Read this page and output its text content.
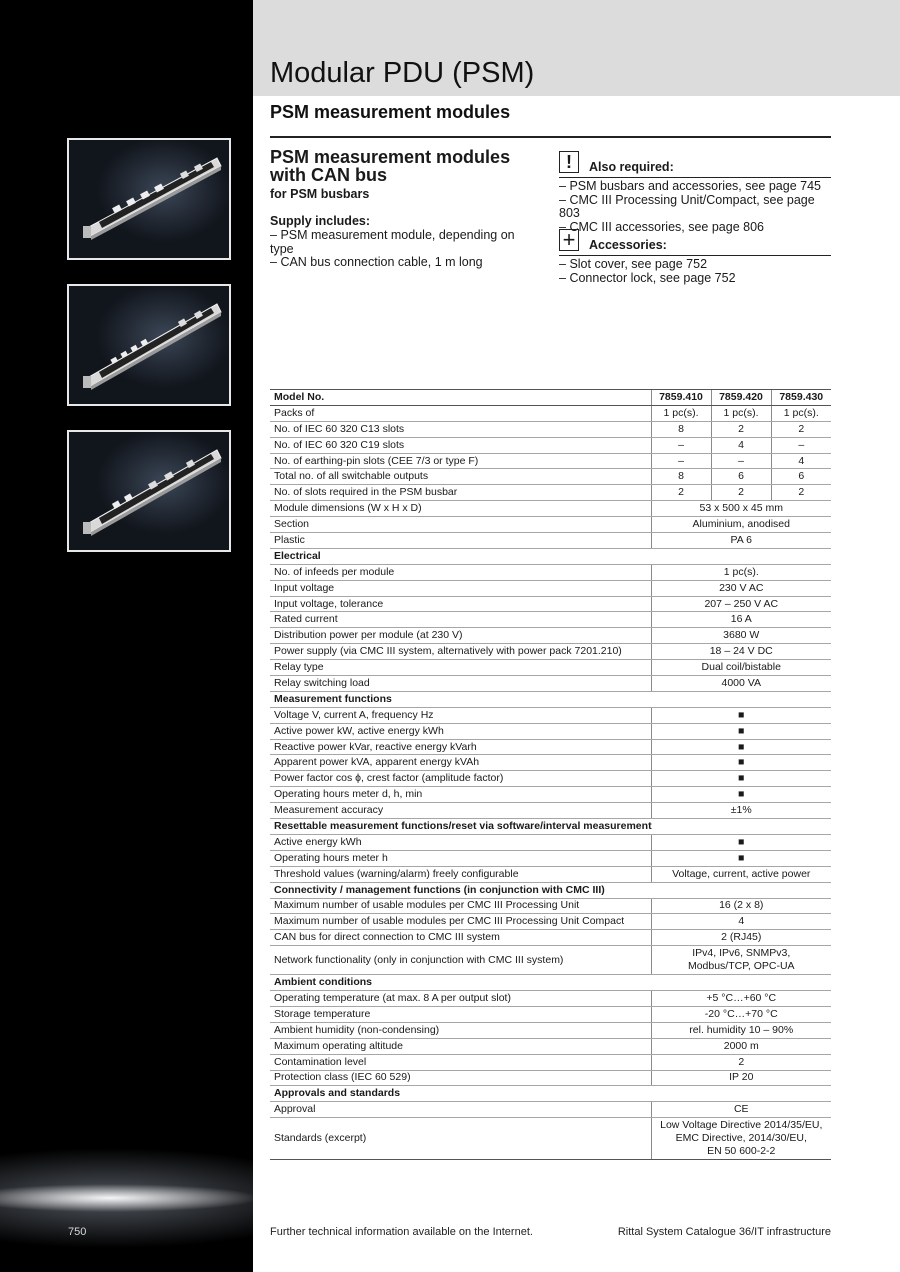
Modular PDU (PSM)
PSM measurement modules
PSM measurement modules
with CAN bus
for PSM busbars
Supply includes:
– PSM measurement module, depending on type
– CAN bus connection cable, 1 m long
!	Also required:
– PSM busbars and accessories, see page 745
– CMC III Processing Unit/Compact, see page 803
– CMC III accessories, see page 806
+ Accessories:
– Slot cover, see page 752
– Connector lock, see page 752
Model No.	7859.410	7859.420	7859.430
Packs of	1 pc(s).	1 pc(s).	1 pc(s).
No. of IEC 60 320 C13 slots	8	2	2
No. of IEC 60 320 C19 slots	–	4	–
No. of earthing-pin slots (CEE 7/3 or type F)	–	–	4
Total no. of all switchable outputs	8	6	6
No. of slots required in the PSM busbar	2	2	2
Module dimensions (W x H x D)	53 x 500 x 45 mm		
Section	Aluminium, anodised		
Plastic	PA 6		
Electrical			
No. of infeeds per module	1 pc(s).		
Input voltage	230 V AC		
Input voltage, tolerance	207 – 250 V AC		
Rated current	16 A		
Distribution power per module (at 230 V)	3680 W		
Power supply (via CMC III system, alternatively with power pack 7201.210)	18 – 24 V DC		
Relay type	Dual coil/bistable		
Relay switching load	4000 VA		
Measurement functions			
Voltage V, current A, frequency Hz	■		
Active power kW, active energy kWh	■		
Reactive power kVar, reactive energy kVarh	■		
Apparent power kVA, apparent energy kVAh	■		
Power factor cos ϕ, crest factor (amplitude factor)	■		
Operating hours meter d, h, min	■		
Measurement accuracy	±1%		
Resettable measurement functions/reset via software/interval measurement			
Active energy kWh	■		
Operating hours meter h	■		
Threshold values (warning/alarm) freely configurable	Voltage, current, active power		
Connectivity / management functions (in conjunction with CMC III)			
Maximum number of usable modules per CMC III Processing Unit	16 (2 x 8)		
Maximum number of usable modules per CMC III Processing Unit Compact	4		
CAN bus for direct connection to CMC III system	2 (RJ45)		
Network functionality (only in conjunction with CMC III system)	IPv4, IPv6, SNMPv3,
Modbus/TCP, OPC-UA		

Ambient conditions			
Operating temperature (at max. 8 A per output slot)	+5 °C…+60 °C		
Storage temperature	-20 °C…+70 °C		
Ambient humidity (non-condensing)	rel. humidity 10 – 90%		
Maximum operating altitude	2000 m		
Contamination level	2		
Protection class (IEC 60 529)	IP 20		
Approvals and standards			
Approval	CE		
Standards (excerpt)	Low Voltage Directive 2014/35/EU,
EMC Directive, 2014/30/EU,
EN 50 600-2-2		
750	Further technical information available on the Internet.	Rittal System Catalogue 36/IT infrastructure
